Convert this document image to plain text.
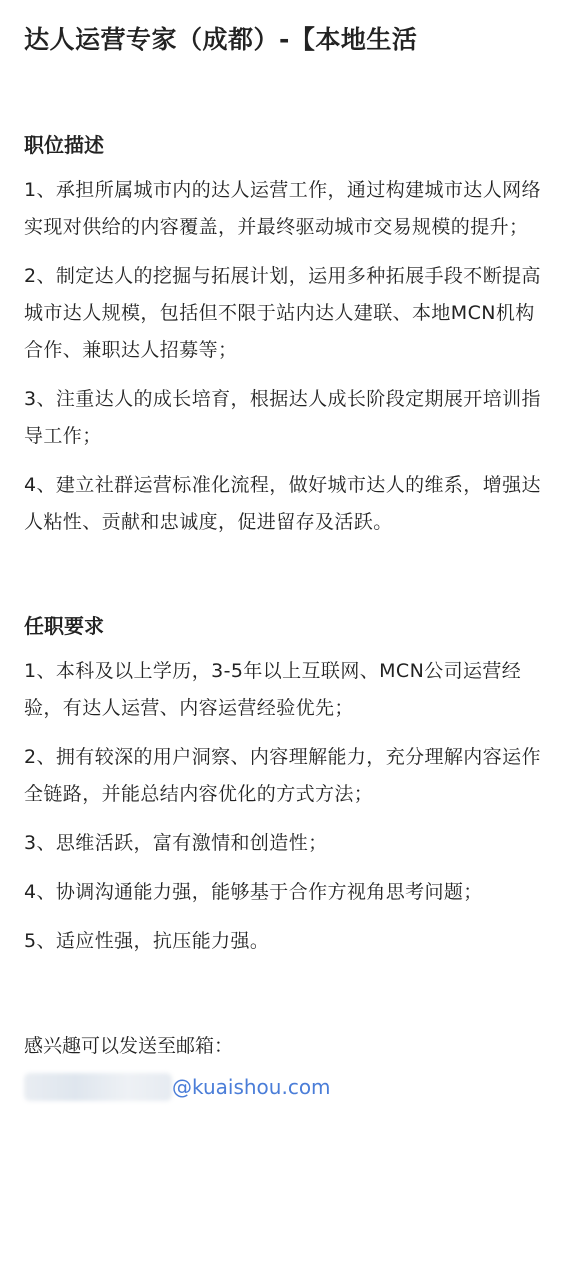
达人运营专家（成都）-【本地生活
职位描述

1、承担所属城市内的达人运营工作，通过构建城市达人网络实现对供给的内容覆盖，并最终驱动城市交易规模的提升；

2、制定达人的挖掘与拓展计划，运用多种拓展手段不断提高城市达人规模，包括但不限于站内达人建联、本地MCN机构合作、兼职达人招募等；

3、注重达人的成长培育，根据达人成长阶段定期展开培训指导工作；

4、建立社群运营标准化流程，做好城市达人的维系，增强达人粘性、贡献和忠诚度，促进留存及活跃。

任职要求

1、本科及以上学历，3-5年以上互联网、MCN公司运营经验，有达人运营、内容运营经验优先；

2、拥有较深的用户洞察、内容理解能力，充分理解内容运作全链路，并能总结内容优化的方式方法；

3、思维活跃，富有激情和创造性；

4、协调沟通能力强，能够基于合作方视角思考问题；

5、适应性强，抗压能力强。

感兴趣可以发送至邮箱：

@kuaishou.com
